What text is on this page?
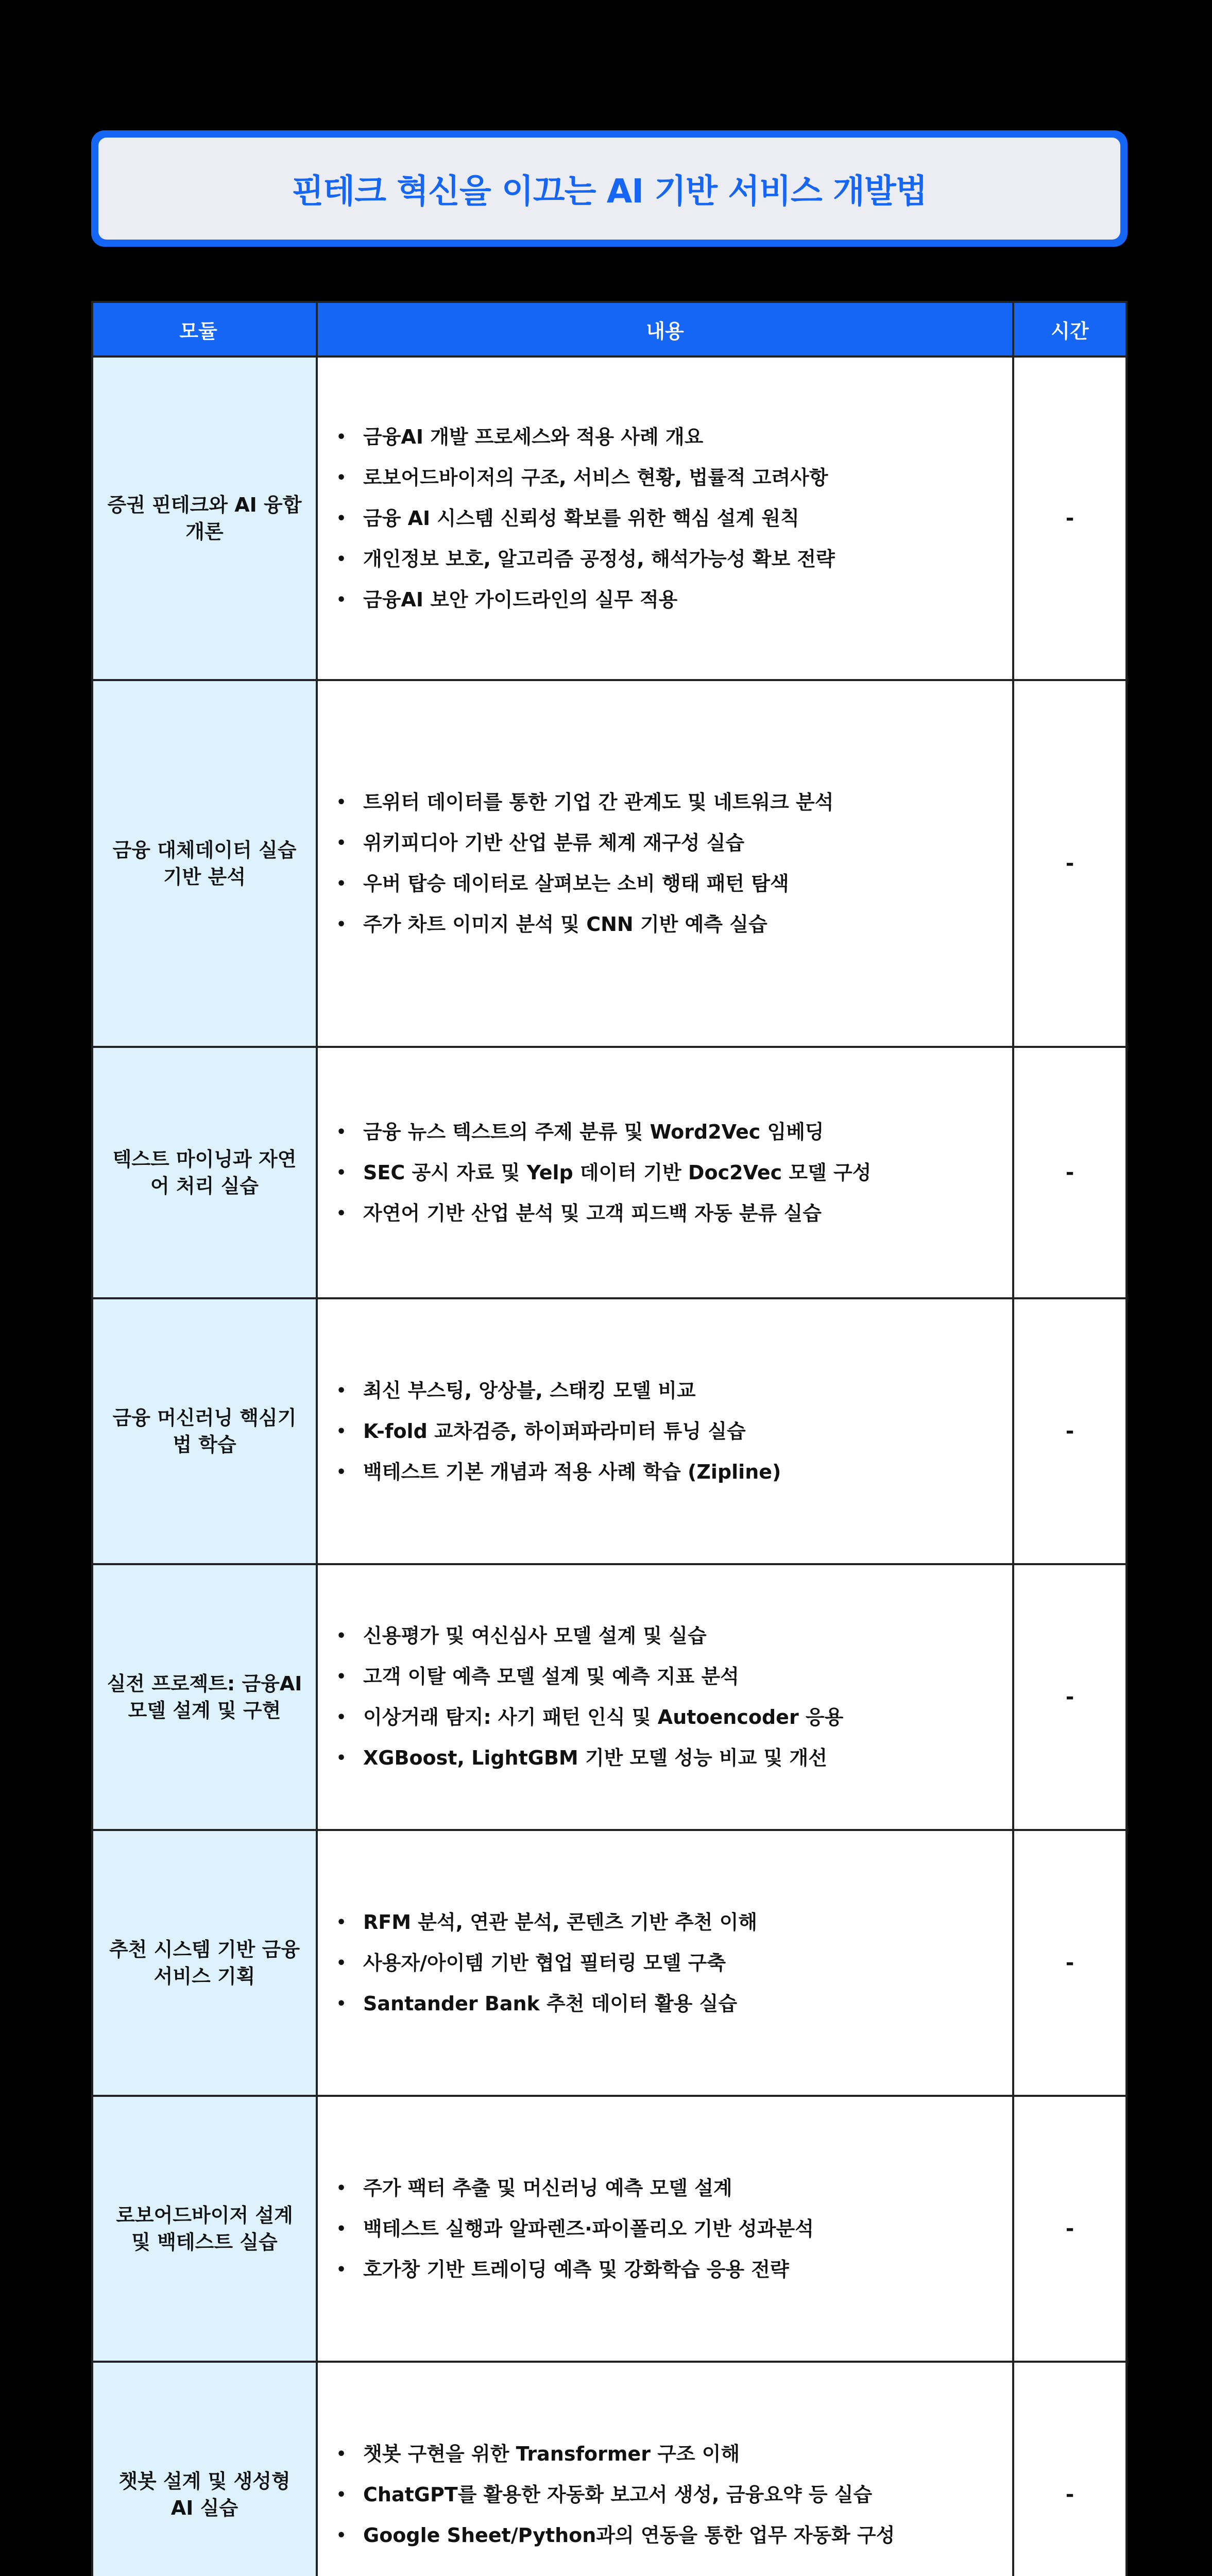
핀테크 혁신을 이끄는 AI 기반 서비스 개발법
모듈	내용	시간
증권 핀테크와 AI 융합 개론
• 금융AI 개발 프로세스와 적용 사례 개요
• 로보어드바이저의 구조, 서비스 현황, 법률적 고려사항
• 금융 AI 시스템 신뢰성 확보를 위한 핵심 설계 원칙
• 개인정보 보호, 알고리즘 공정성, 해석가능성 확보 전략
• 금융AI 보안 가이드라인의 실무 적용
-
금융 대체데이터 실습 기반 분석
• 트위터 데이터를 통한 기업 간 관계도 및 네트워크 분석
• 위키피디아 기반 산업 분류 체계 재구성 실습
• 우버 탑승 데이터로 살펴보는 소비 행태 패턴 탐색
• 주가 차트 이미지 분석 및 CNN 기반 예측 실습
-
텍스트 마이닝과 자연어 처리 실습
• 금융 뉴스 텍스트의 주제 분류 및 Word2Vec 임베딩
• SEC 공시 자료 및 Yelp 데이터 기반 Doc2Vec 모델 구성
• 자연어 기반 산업 분석 및 고객 피드백 자동 분류 실습
-
금융 머신러닝 핵심기법 학습
• 최신 부스팅, 앙상블, 스태킹 모델 비교
• K-fold 교차검증, 하이퍼파라미터 튜닝 실습
• 백테스트 기본 개념과 적용 사례 학습 (Zipline)
-
실전 프로젝트: 금융AI 모델 설계 및 구현
• 신용평가 및 여신심사 모델 설계 및 실습
• 고객 이탈 예측 모델 설계 및 예측 지표 분석
• 이상거래 탐지: 사기 패턴 인식 및 Autoencoder 응용
• XGBoost, LightGBM 기반 모델 성능 비교 및 개선
-
추천 시스템 기반 금융 서비스 기획
• RFM 분석, 연관 분석, 콘텐츠 기반 추천 이해
• 사용자/아이템 기반 협업 필터링 모델 구축
• Santander Bank 추천 데이터 활용 실습
-
로보어드바이저 설계 및 백테스트 실습
• 주가 팩터 추출 및 머신러닝 예측 모델 설계
• 백테스트 실행과 알파렌즈·파이폴리오 기반 성과분석
• 호가창 기반 트레이딩 예측 및 강화학습 응용 전략
-
챗봇 설계 및 생성형 AI 실습
• 챗봇 구현을 위한 Transformer 구조 이해
• ChatGPT를 활용한 자동화 보고서 생성, 금융요약 등 실습
• Google Sheet/Python과의 연동을 통한 업무 자동화 구성
-
